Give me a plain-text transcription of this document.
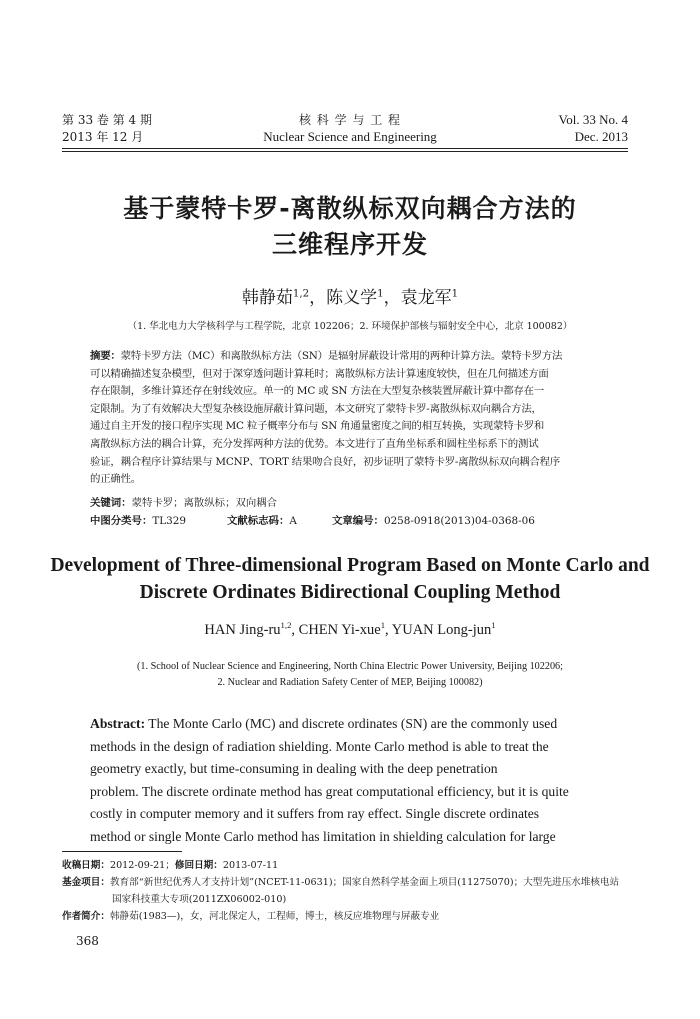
第 33 卷 第 4 期
2013 年 12 月
核 科 学 与 工 程
Nuclear Science and Engineering
Vol. 33 No. 4
Dec. 2013
基于蒙特卡罗-离散纵标双向耦合方法的
三维程序开发
韩静茹$^{1,2}$，陈义学$^1$，袁龙军$^1$
（1. 华北电力大学核科学与工程学院，北京 102206；2. 环境保护部核与辐射安全中心，北京 100082）
摘要：蒙特卡罗方法（MC）和离散纵标方法（SN）是辐射屏蔽设计常用的两种计算方法。蒙特卡罗方法
可以精确描述复杂模型，但对于深穿透问题计算耗时；离散纵标方法计算速度较快，但在几何描述方面
存在限制，多维计算还存在射线效应。单一的 MC 或 SN 方法在大型复杂核装置屏蔽计算中都存在一
定限制。为了有效解决大型复杂核设施屏蔽计算问题，本文研究了蒙特卡罗-离散纵标双向耦合方法，
通过自主开发的接口程序实现 MC 粒子概率分布与 SN 角通量密度之间的相互转换，实现蒙特卡罗和
离散纵标方法的耦合计算，充分发挥两种方法的优势。本文进行了直角坐标系和圆柱坐标系下的测试
验证，耦合程序计算结果与 MCNP、TORT 结果吻合良好，初步证明了蒙特卡罗-离散纵标双向耦合程序
的正确性。
关键词：蒙特卡罗；离散纵标；双向耦合
中图分类号：TL329	文献标志码：A	文章编号：0258-0918(2013)04-0368-06
Development of Three-dimensional Program Based on Monte Carlo and
Discrete Ordinates Bidirectional Coupling Method
HAN Jing-ru$^{1,2}$, CHEN Yi-xue$^1$, YUAN Long-jun$^1$
(1. School of Nuclear Science and Engineering, North China Electric Power University, Beijing 102206;
2. Nuclear and Radiation Safety Center of MEP, Beijing 100082)
Abstract: The Monte Carlo (MC) and discrete ordinates (SN) are the commonly used
methods in the design of radiation shielding. Monte Carlo method is able to treat the
geometry exactly, but time-consuming in dealing with the deep penetration
problem. The discrete ordinate method has great computational efficiency, but it is quite
costly in computer memory and it suffers from ray effect. Single discrete ordinates
method or single Monte Carlo method has limitation in shielding calculation for large
收稿日期：2012-09-21；修回日期：2013-07-11
基金项目：教育部“新世纪优秀人才支持计划”(NCET-11-0631)；国家自然科学基金面上项目(11275070)；大型先进压水堆核电站
国家科技重大专项(2011ZX06002-010)
作者简介：韩静茹(1983—)，女，河北保定人，工程师，博士，核反应堆物理与屏蔽专业
368
